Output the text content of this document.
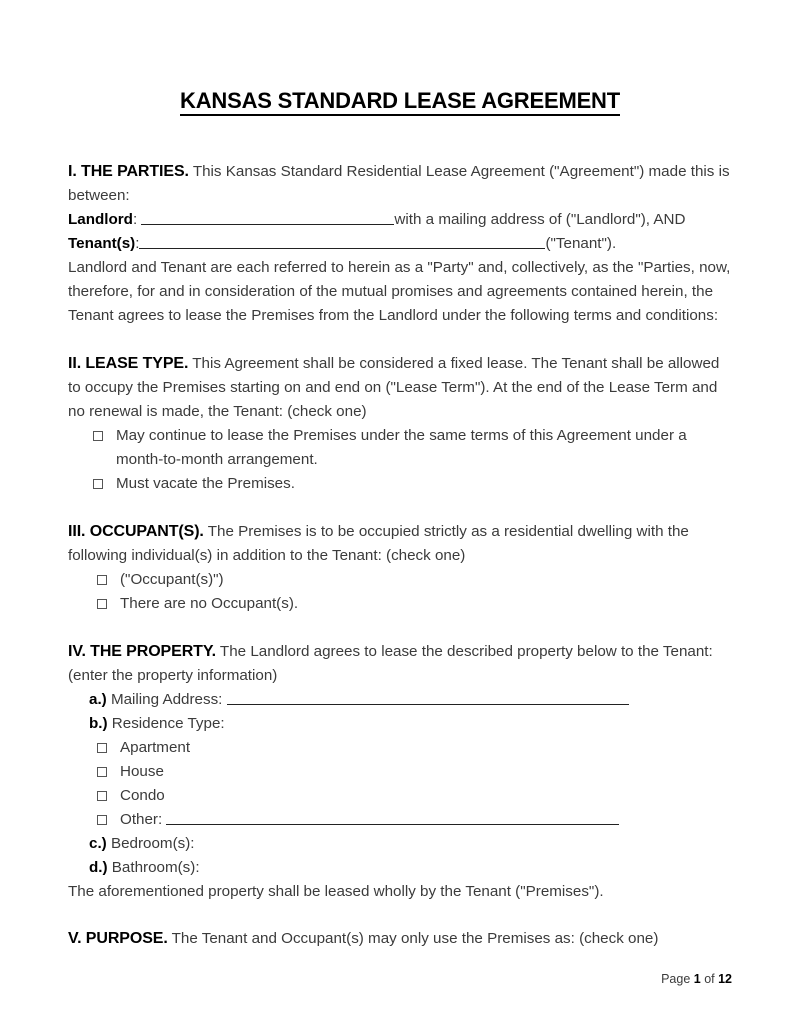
KANSAS STANDARD LEASE AGREEMENT
I. THE PARTIES. This Kansas Standard Residential Lease Agreement ("Agreement") made this is between:
Landlord:	with a mailing address of ("Landlord"), AND
Tenant(s):	("Tenant").
Landlord and Tenant are each referred to herein as a "Party" and, collectively, as the "Parties, now, therefore, for and in consideration of the mutual promises and agreements contained herein, the Tenant agrees to lease the Premises from the Landlord under the following terms and conditions:
II. LEASE TYPE. This Agreement shall be considered a fixed lease. The Tenant shall be allowed to occupy the Premises starting on and end on ("Lease Term"). At the end of the Lease Term and no renewal is made, the Tenant: (check one)
May continue to lease the Premises under the same terms of this Agreement under a month-to-month arrangement.
Must vacate the Premises.
III. OCCUPANT(S). The Premises is to be occupied strictly as a residential dwelling with the following individual(s) in addition to the Tenant: (check one)
("Occupant(s)")
There are no Occupant(s).
IV. THE PROPERTY. The Landlord agrees to lease the described property below to the Tenant: (enter the property information)
a.) Mailing Address:
b.) Residence Type:
Apartment
House
Condo
Other:
c.) Bedroom(s):
d.) Bathroom(s):
The aforementioned property shall be leased wholly by the Tenant ("Premises").
V. PURPOSE. The Tenant and Occupant(s) may only use the Premises as: (check one)
Page 1 of 12
